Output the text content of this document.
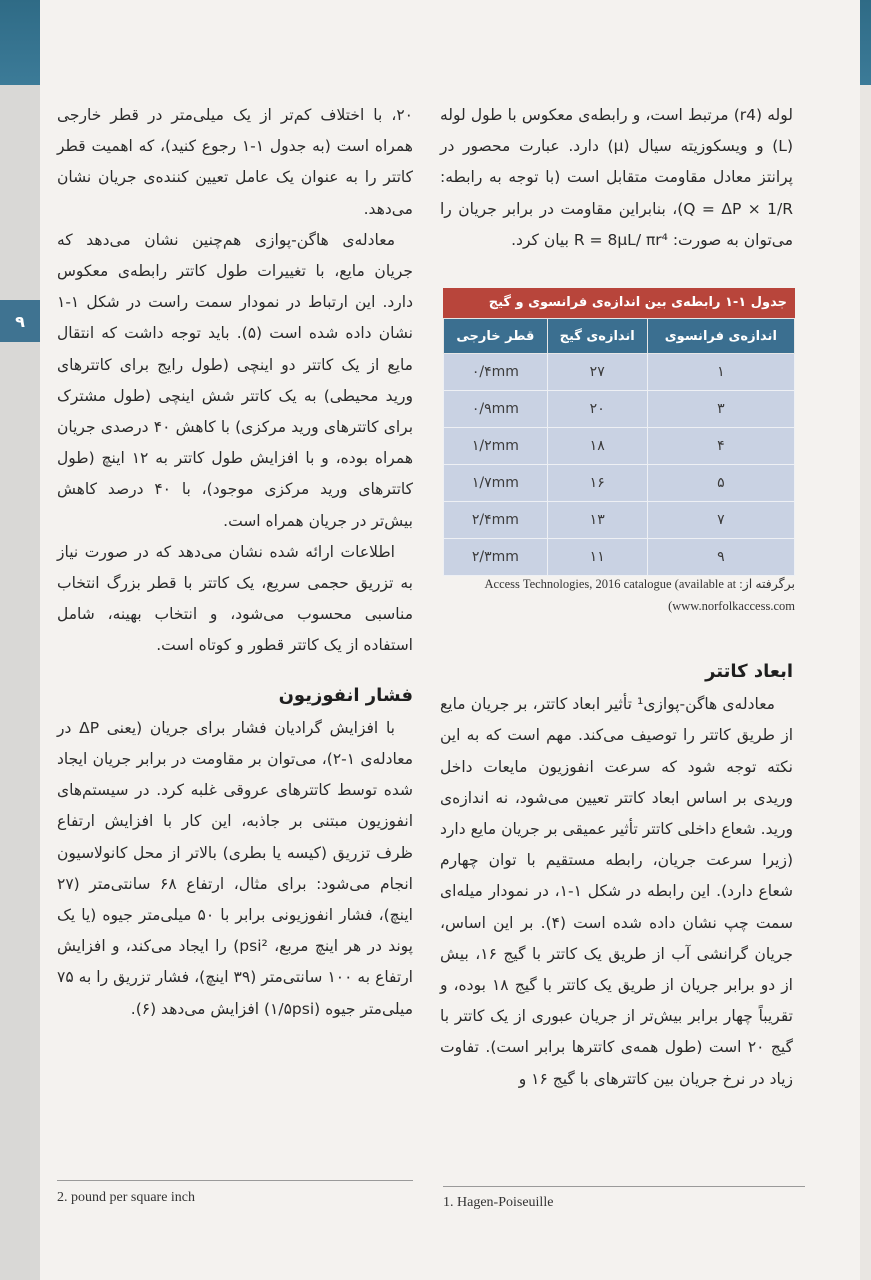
۹

لوله (r4) مرتبط است، و رابطه‌ی معکوس با طول لوله (L) و ویسکوزیته سیال (μ) دارد. عبارت محصور در پرانتز معادل مقاومت متقابل است (با توجه به رابطه: Q = ΔP × 1/R)، بنابراین مقاومت در برابر جریان را می‌توان به صورت: R = 8μL/ πr⁴ بیان کرد.

جدول ۱-۱ رابطه‌ی بین اندازه‌ی فرانسوی و گیج
اندازه‌ی فرانسوی	اندازه‌ی گیج	قطر خارجی
۱	۲۷	۰/۴mm
۳	۲۰	۰/۹mm
۴	۱۸	۱/۲mm
۵	۱۶	۱/۷mm
۷	۱۳	۲/۴mm
۹	۱۱	۲/۳mm
برگرفته از: Access Technologies, 2016 catalogue (available at (www.norfolkaccess.com
ابعاد کاتتر

معادله‌ی هاگن-پوازی¹ تأثیر ابعاد کاتتر، بر جریان مایع از طریق کاتتر را توصیف می‌کند. مهم است که به این نکته توجه شود که سرعت انفوزیون مایعات داخل وریدی بر اساس ابعاد کاتتر تعیین می‌شود، نه اندازه‌ی ورید. شعاع داخلی کاتتر تأثیر عمیقی بر جریان مایع دارد (زیرا سرعت جریان، رابطه مستقیم با توان چهارم شعاع دارد). این رابطه در شکل ۱-۱، در نمودار میله‌ای سمت چپ نشان داده شده است (۴). بر این اساس، جریان گرانشی آب از طریق یک کاتتر با گیج ۱۶، بیش از دو برابر جریان از طریق یک کاتتر با گیج ۱۸ بوده، و تقریباً چهار برابر بیش‌تر از جریان عبوری از یک کاتتر با گیج ۲۰ است (طول همه‌ی کاتترها برابر است). تفاوت زیاد در نرخ جریان بین کاتترهای با گیج ۱۶ و

۲۰، با اختلاف کم‌تر از یک میلی‌متر در قطر خارجی همراه است (به جدول ۱-۱ رجوع کنید)، که اهمیت قطر کاتتر را به عنوان یک عامل تعیین کننده‌ی جریان نشان می‌دهد.

معادله‌ی هاگن-پوازی هم‌چنین نشان می‌دهد که جریان مایع، با تغییرات طول کاتتر رابطه‌ی معکوس دارد. این ارتباط در نمودار سمت راست در شکل ۱-۱ نشان داده شده است (۵). باید توجه داشت که انتقال مایع از یک کاتتر دو اینچی (طول رایج برای کاتترهای ورید محیطی) به یک کاتتر شش اینچی (طول مشترک برای کاتترهای ورید مرکزی) با کاهش ۴۰ درصدی جریان همراه بوده، و با افزایش طول کاتتر به ۱۲ اینچ (طول کاتترهای ورید مرکزی موجود)، با ۴۰ درصد کاهش بیش‌تر در جریان همراه است.

اطلاعات ارائه شده نشان می‌دهد که در صورت نیاز به تزریق حجمی سریع، یک کاتتر با قطر بزرگ انتخاب مناسبی محسوب می‌شود، و انتخاب بهینه، شامل استفاده از یک کاتتر قطور و کوتاه است.

فشار انفوزیون

با افزایش گرادیان فشار برای جریان (یعنی ΔP در معادله‌ی ۱-۲)، می‌توان بر مقاومت در برابر جریان ایجاد شده توسط کاتترهای عروقی غلبه کرد. در سیستم‌های انفوزیون مبتنی بر جاذبه، این کار با افزایش ارتفاع ظرف تزریق (کیسه یا بطری) بالاتر از محل کانولاسیون انجام می‌شود: برای مثال، ارتفاع ۶۸ سانتی‌متر (۲۷ اینچ)، فشار انفوزیونی برابر با ۵۰ میلی‌متر جیوه (یا یک پوند در هر اینچ مربع، psi²) را ایجاد می‌کند، و افزایش ارتفاع به ۱۰۰ سانتی‌متر (۳۹ اینچ)، فشار تزریق را به ۷۵ میلی‌متر جیوه (۱/۵psi) افزایش می‌دهد (۶).

2. pound per square inch	1. Hagen-Poiseuille
